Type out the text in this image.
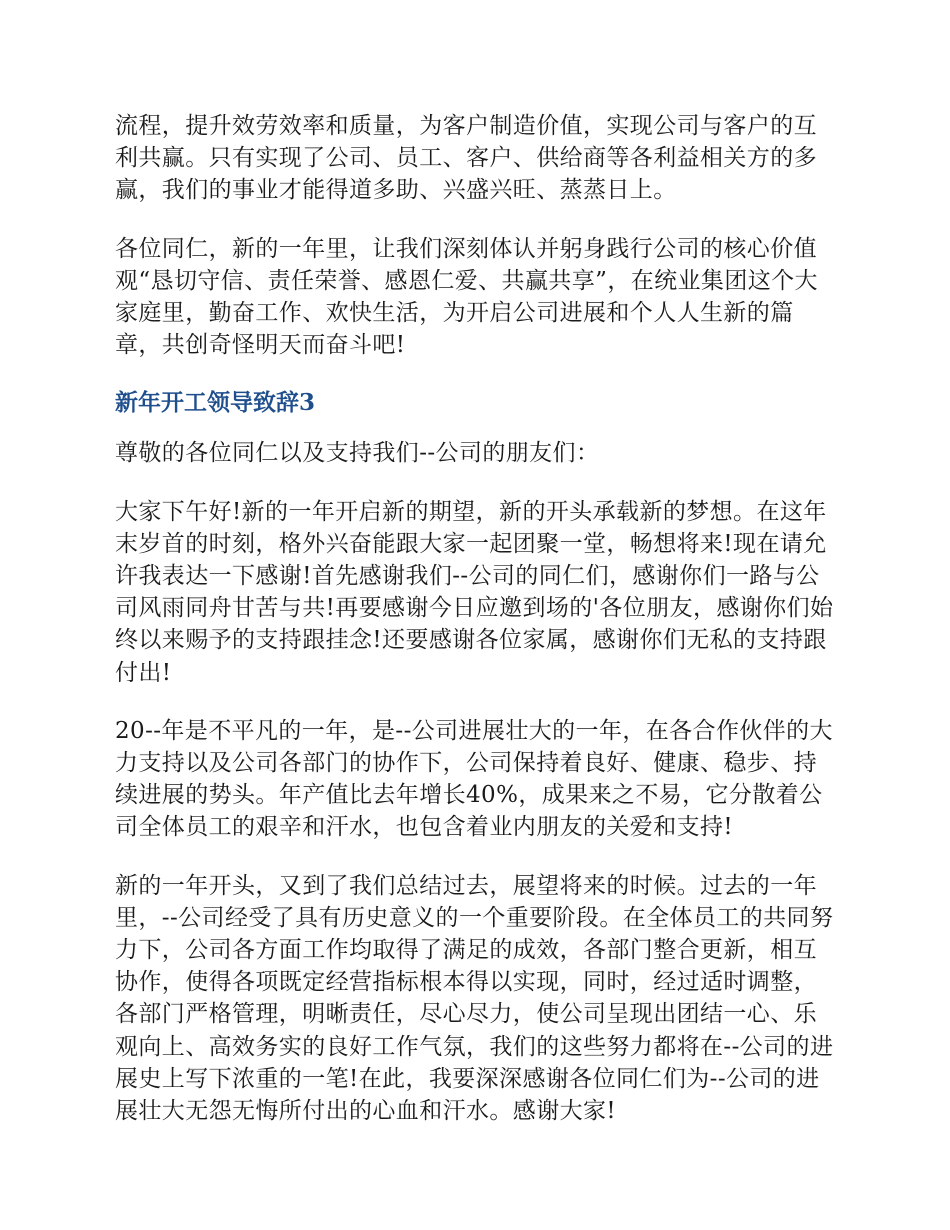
流程，提升效劳效率和质量，为客户制造价值，实现公司与客户的互利共赢。只有实现了公司、员工、客户、供给商等各利益相关方的多赢，我们的事业才能得道多助、兴盛兴旺、蒸蒸日上。

各位同仁，新的一年里，让我们深刻体认并躬身践行公司的核心价值观“恳切守信、责任荣誉、感恩仁爱、共赢共享”，在统业集团这个大家庭里，勤奋工作、欢快生活，为开启公司进展和个人人生新的篇章，共创奇怪明天而奋斗吧!

新年开工领导致辞3

尊敬的各位同仁以及支持我们--公司的朋友们：

大家下午好!新的一年开启新的期望，新的开头承载新的梦想。在这年末岁首的时刻，格外兴奋能跟大家一起团聚一堂，畅想将来!现在请允许我表达一下感谢!首先感谢我们--公司的同仁们，感谢你们一路与公司风雨同舟甘苦与共!再要感谢今日应邀到场的'各位朋友，感谢你们始终以来赐予的支持跟挂念!还要感谢各位家属，感谢你们无私的支持跟付出!

20--年是不平凡的一年，是--公司进展壮大的一年，在各合作伙伴的大力支持以及公司各部门的协作下，公司保持着良好、健康、稳步、持续进展的势头。年产值比去年增长40%，成果来之不易，它分散着公司全体员工的艰辛和汗水，也包含着业内朋友的关爱和支持!

新的一年开头，又到了我们总结过去，展望将来的时候。过去的一年里，--公司经受了具有历史意义的一个重要阶段。在全体员工的共同努力下，公司各方面工作均取得了满足的成效，各部门整合更新，相互协作，使得各项既定经营指标根本得以实现，同时，经过适时调整，各部门严格管理，明晰责任，尽心尽力，使公司呈现出团结一心、乐观向上、高效务实的良好工作气氛，我们的这些努力都将在--公司的进展史上写下浓重的一笔!在此，我要深深感谢各位同仁们为--公司的进展壮大无怨无悔所付出的心血和汗水。感谢大家!
